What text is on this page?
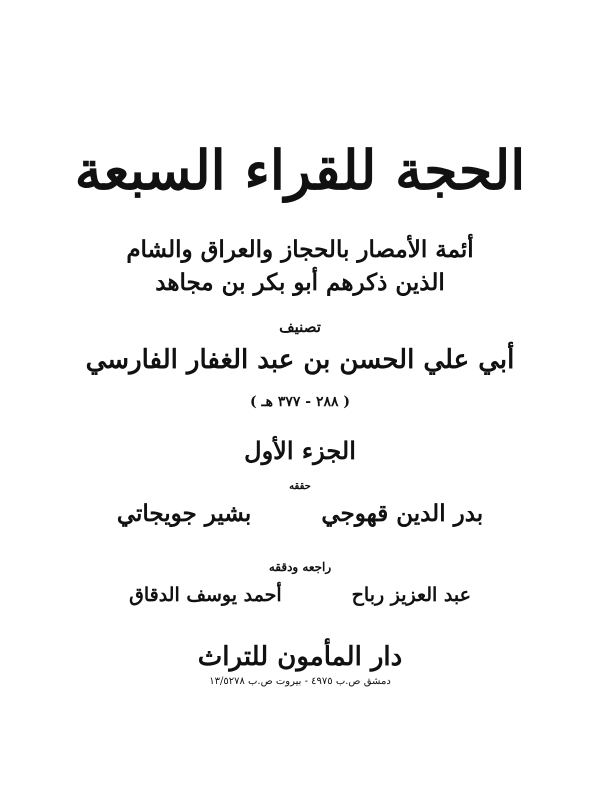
الحجة للقراء السبعة
أئمة الأمصار بالحجاز والعراق والشام
الذين ذكرهم أبو بكر بن مجاهد
تصنيف
أبي علي الحسن بن عبد الغفار الفارسي
( ٢٨٨ - ٣٧٧ هـ )
الجزء الأول
حققه
بدر الدين قهوجي
بشير جويجاتي
راجعه ودققه
عبد العزيز رباح
أحمد يوسف الدقاق
دار المأمون للتراث
دمشق ص.ب ٤٩٧٥ - بيروت ص.ب ١٣/٥٢٧٨
